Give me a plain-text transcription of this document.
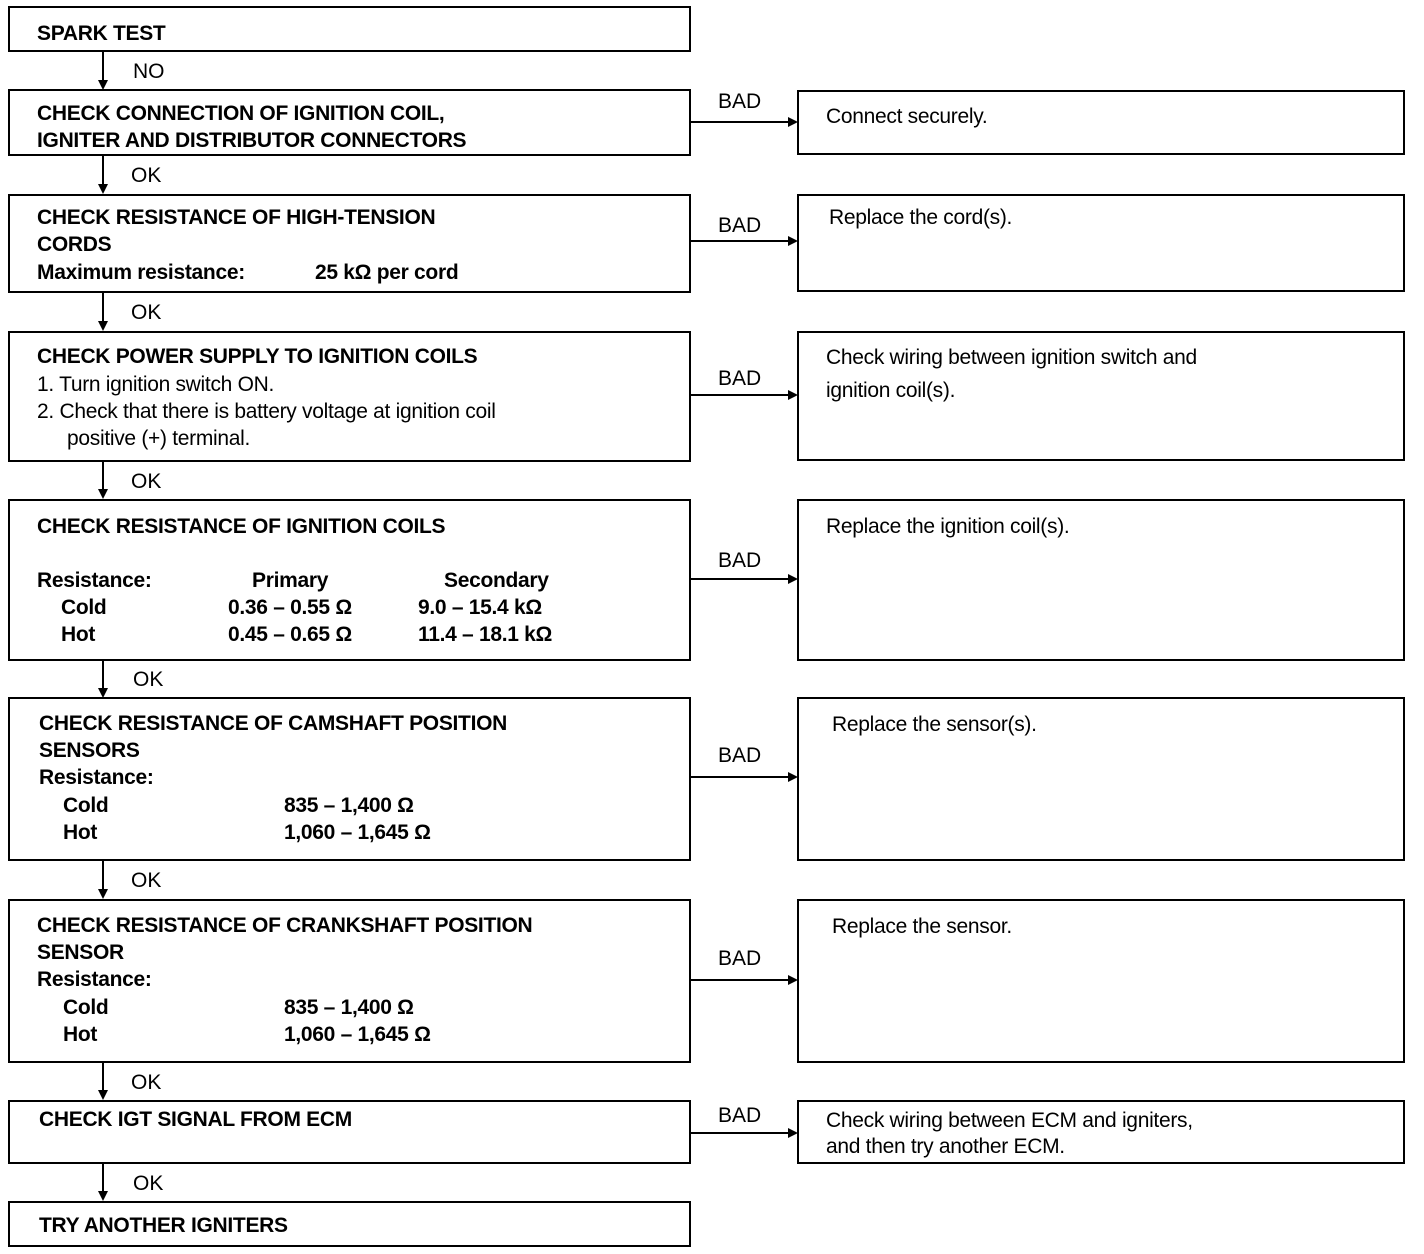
SPARK TEST
NO
CHECK CONNECTION OF IGNITION COIL,
IGNITER AND DISTRIBUTOR CONNECTORS
BAD
Connect securely.
OK
CHECK RESISTANCE OF HIGH-TENSION
CORDS
Maximum resistance:	25 kΩ per cord
BAD	Replace the cord(s).
OK
CHECK POWER SUPPLY TO IGNITION COILS
1. Turn ignition switch ON.
2. Check that there is battery voltage at ignition coil
positive (+) terminal.
BAD
Check wiring between ignition switch and
ignition coil(s).
OK
CHECK RESISTANCE OF IGNITION COILS
Resistance:	Primary	Secondary
Cold	0.36 – 0.55 Ω	9.0 – 15.4 kΩ
Hot	0.45 – 0.65 Ω	11.4 – 18.1 kΩ
BAD
Replace the ignition coil(s).
OK
CHECK RESISTANCE OF CAMSHAFT POSITION
SENSORS
Resistance:
Cold	835 – 1,400 Ω
Hot	1,060 – 1,645 Ω
BAD
Replace the sensor(s).
OK
CHECK RESISTANCE OF CRANKSHAFT POSITION
SENSOR
Resistance:
Cold	835 – 1,400 Ω
Hot	1,060 – 1,645 Ω
BAD
Replace the sensor.
OK
CHECK IGT SIGNAL FROM ECM	BAD	Check wiring between ECM and igniters,
and then try another ECM.
OK
TRY ANOTHER IGNITERS
